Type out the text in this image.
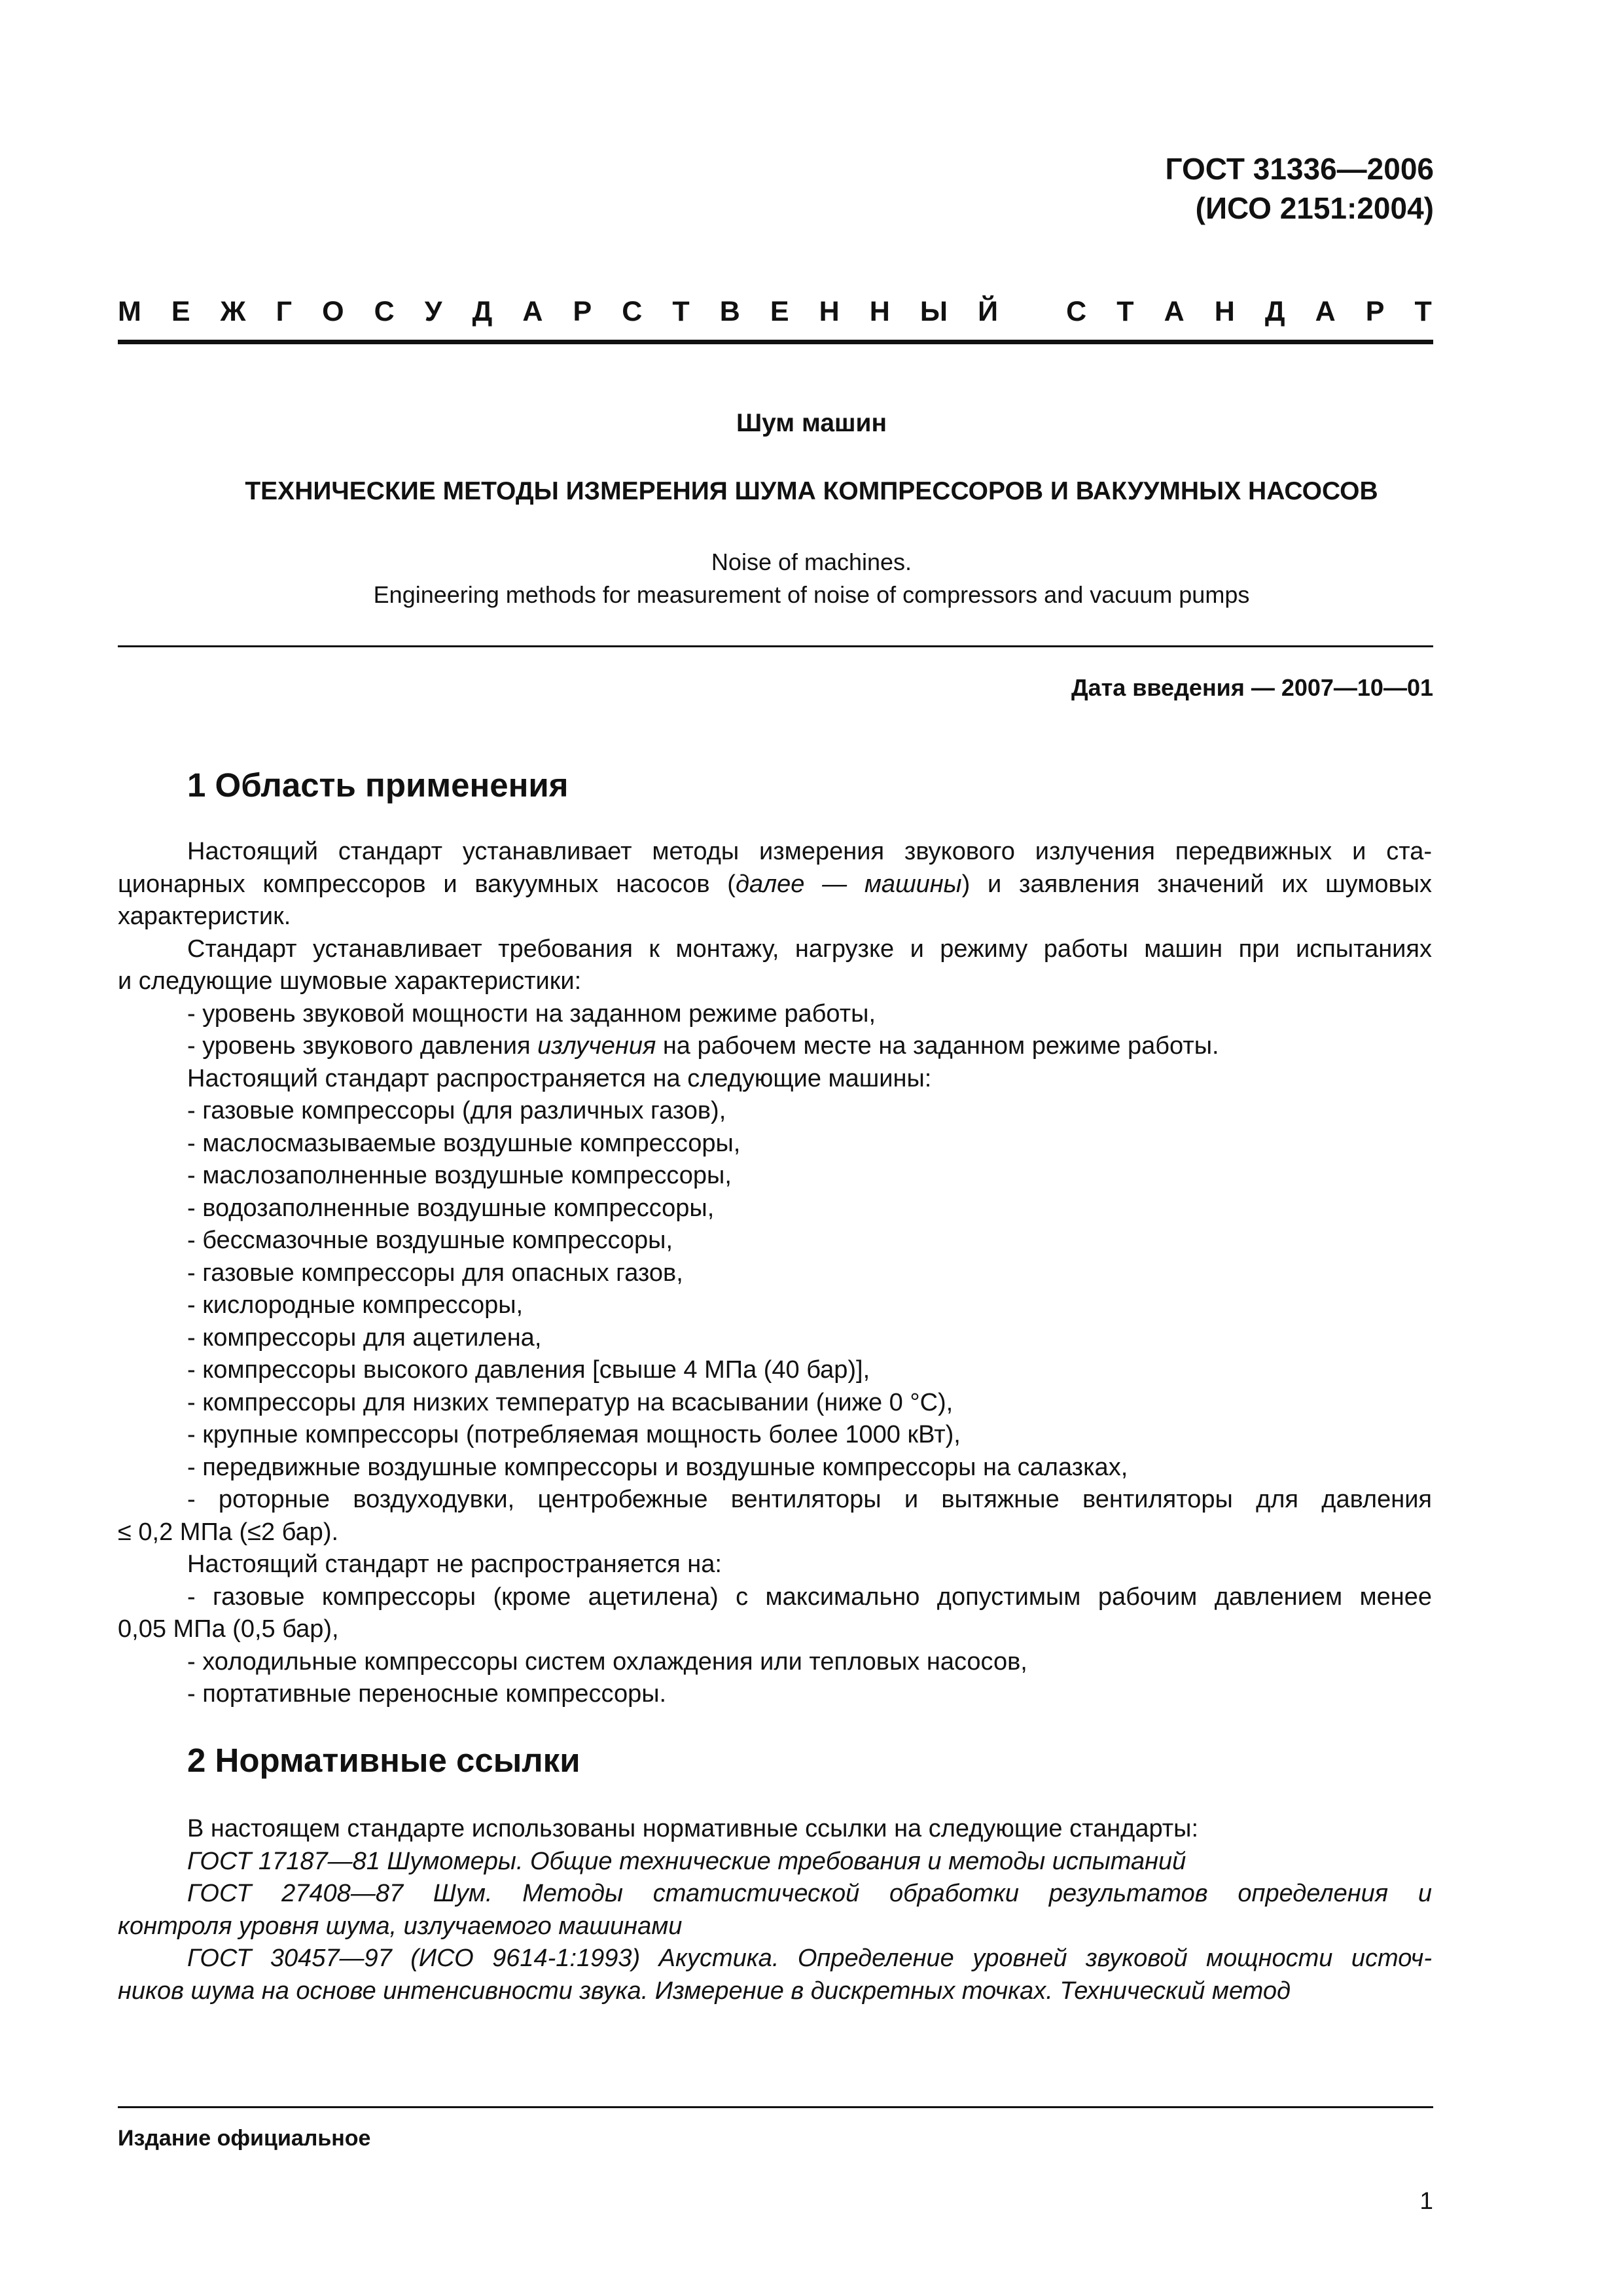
ГОСТ 31336—2006
(ИСО 2151:2004)
М Е Ж Г О С У Д А Р С Т В Е Н Н Ы Й
С Т А Н Д А Р Т
Шум машин
ТЕХНИЧЕСКИЕ МЕТОДЫ ИЗМЕРЕНИЯ ШУМА КОМПРЕССОРОВ И ВАКУУМНЫХ НАСОСОВ
Noise of machines.
Engineering methods for measurement of noise of compressors and vacuum pumps
Дата введения — 2007—10—01
1 Область применения

Настоящий стандарт устанавливает методы измерения звукового излучения передвижных и ста-

ционарных компрессоров и вакуумных насосов (далее — машины) и заявления значений их шумовых

характеристик.

Стандарт устанавливает требования к монтажу, нагрузке и режиму работы машин при испытаниях

и следующие шумовые характеристики:

- уровень звуковой мощности на заданном режиме работы,

- уровень звукового давления излучения на рабочем месте на заданном режиме работы.

Настоящий стандарт распространяется на следующие машины:

- газовые компрессоры (для различных газов),

- маслосмазываемые воздушные компрессоры,

- маслозаполненные воздушные компрессоры,

- водозаполненные воздушные компрессоры,

- бессмазочные воздушные компрессоры,

- газовые компрессоры для опасных газов,

- кислородные компрессоры,

- компрессоры для ацетилена,

- компрессоры высокого давления [свыше 4 МПа (40 бар)],

- компрессоры для низких температур на всасывании (ниже 0 °C),

- крупные компрессоры (потребляемая мощность более 1000 кВт),

- передвижные воздушные компрессоры и воздушные компрессоры на салазках,

- роторные воздуходувки, центробежные вентиляторы и вытяжные вентиляторы для давления

≤ 0,2 МПа (≤2 бар).

Настоящий стандарт не распространяется на:

- газовые компрессоры (кроме ацетилена) с максимально допустимым рабочим давлением менее

0,05 МПа (0,5 бар),

- холодильные компрессоры систем охлаждения или тепловых насосов,

- портативные переносные компрессоры.

2 Нормативные ссылки

В настоящем стандарте использованы нормативные ссылки на следующие стандарты:

ГОСТ 17187—81 Шумомеры. Общие технические требования и методы испытаний

ГОСТ 27408—87 Шум. Методы статистической обработки результатов определения и

контроля уровня шума, излучаемого машинами

ГОСТ 30457—97 (ИСО 9614-1:1993) Акустика. Определение уровней звуковой мощности источ-

ников шума на основе интенсивности звука. Измерение в дискретных точках. Технический метод

Издание официальное
1
